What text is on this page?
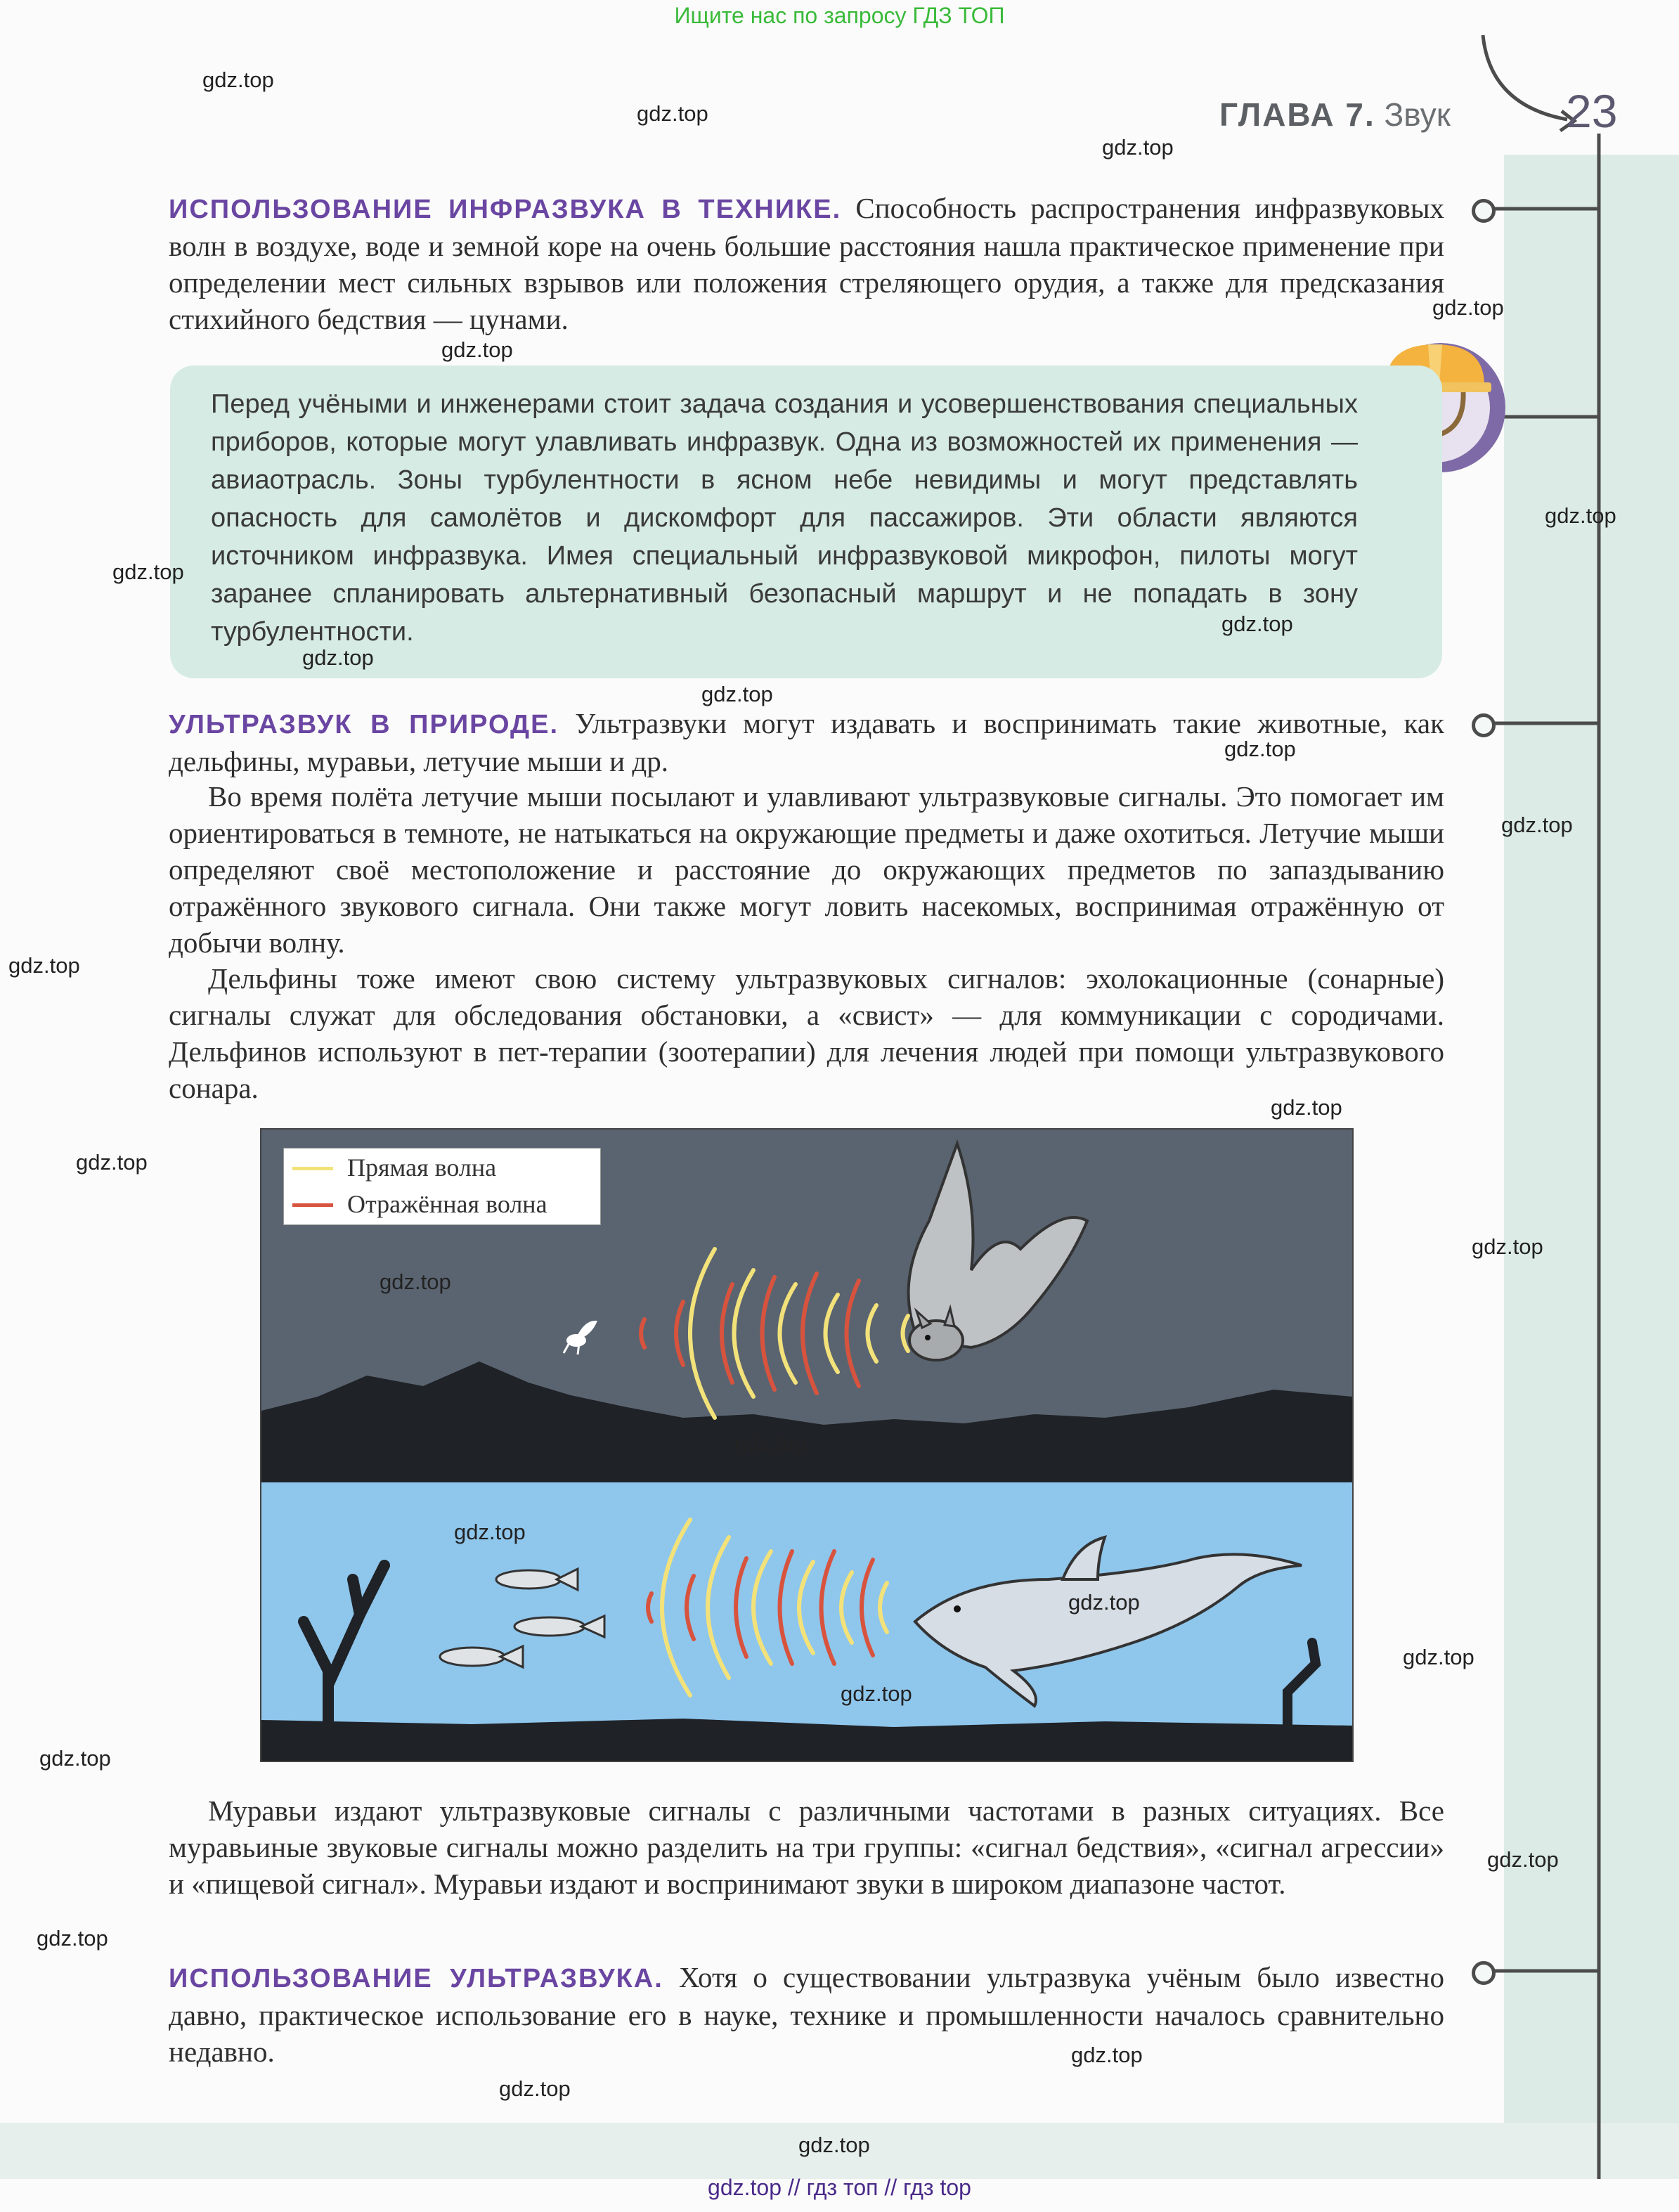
Ищите нас по запросу ГДЗ ТОП
ГЛАВА 7. Звук 23
ИСПОЛЬЗОВАНИЕ ИНФРАЗВУКА В ТЕХНИКЕ. Способность распространения инфразвуковых волн в воздухе, воде и земной коре на очень большие расстояния нашла практическое применение при определении мест сильных взрывов или положения стреляющего орудия, а также для предсказания стихийного бедствия — цунами.
Перед учёными и инженерами стоит задача создания и усовершенствования специальных приборов, которые могут улавливать инфразвук. Одна из возможностей их применения — авиаотрасль. Зоны турбулентности в ясном небе невидимы и могут представлять опасность для самолётов и дискомфорт для пассажиров. Эти области являются источником инфразвука. Имея специальный инфразвуковой микрофон, пилоты могут заранее спланировать альтернативный безопасный маршрут и не попадать в зону турбулентности.
УЛЬТРАЗВУК В ПРИРОДЕ. Ультразвуки могут издавать и воспринимать такие животные, как дельфины, муравьи, летучие мыши и др.
Во время полёта летучие мыши посылают и улавливают ультразвуковые сигналы. Это помогает им ориентироваться в темноте, не натыкаться на окружающие предметы и даже охотиться. Летучие мыши определяют своё местоположение и расстояние до окружающих предметов по запаздыванию отражённого звукового сигнала. Они также могут ловить насекомых, воспринимая отражённую от добычи волну.
Дельфины тоже имеют свою систему ультразвуковых сигналов: эхолокационные (сонарные) сигналы служат для обследования обстановки, а «свист» — для коммуникации с сородичами. Дельфинов используют в пет-терапии (зоотерапии) для лечения людей при помощи ультразвукового сонара.
Прямая волна
Отражённая волна
Муравьи издают ультразвуковые сигналы с различными частотами в разных ситуациях. Все муравьиные звуковые сигналы можно разделить на три группы: «сигнал бедствия», «сигнал агрессии» и «пищевой сигнал». Муравьи издают и воспринимают звуки в широком диапазоне частот.
ИСПОЛЬЗОВАНИЕ УЛЬТРАЗВУКА. Хотя о существовании ультразвука учёным было известно давно, практическое использование его в науке, технике и промышленности началось сравнительно недавно.
gdz.top
gdz.top
gdz.top
gdz.top
gdz.top
gdz.top
gdz.top
gdz.top
gdz.top
gdz.top
gdz.top
gdz.top
gdz.top
gdz.top
gdz.top
gdz.top
gdz.top
gdz.top
gdz.top
gdz.top
gdz.top
gdz.top
gdz.top
gdz.top
gdz.top
gdz.top
gdz.top
gdz.top
gdz.top // гдз топ // гдз top
